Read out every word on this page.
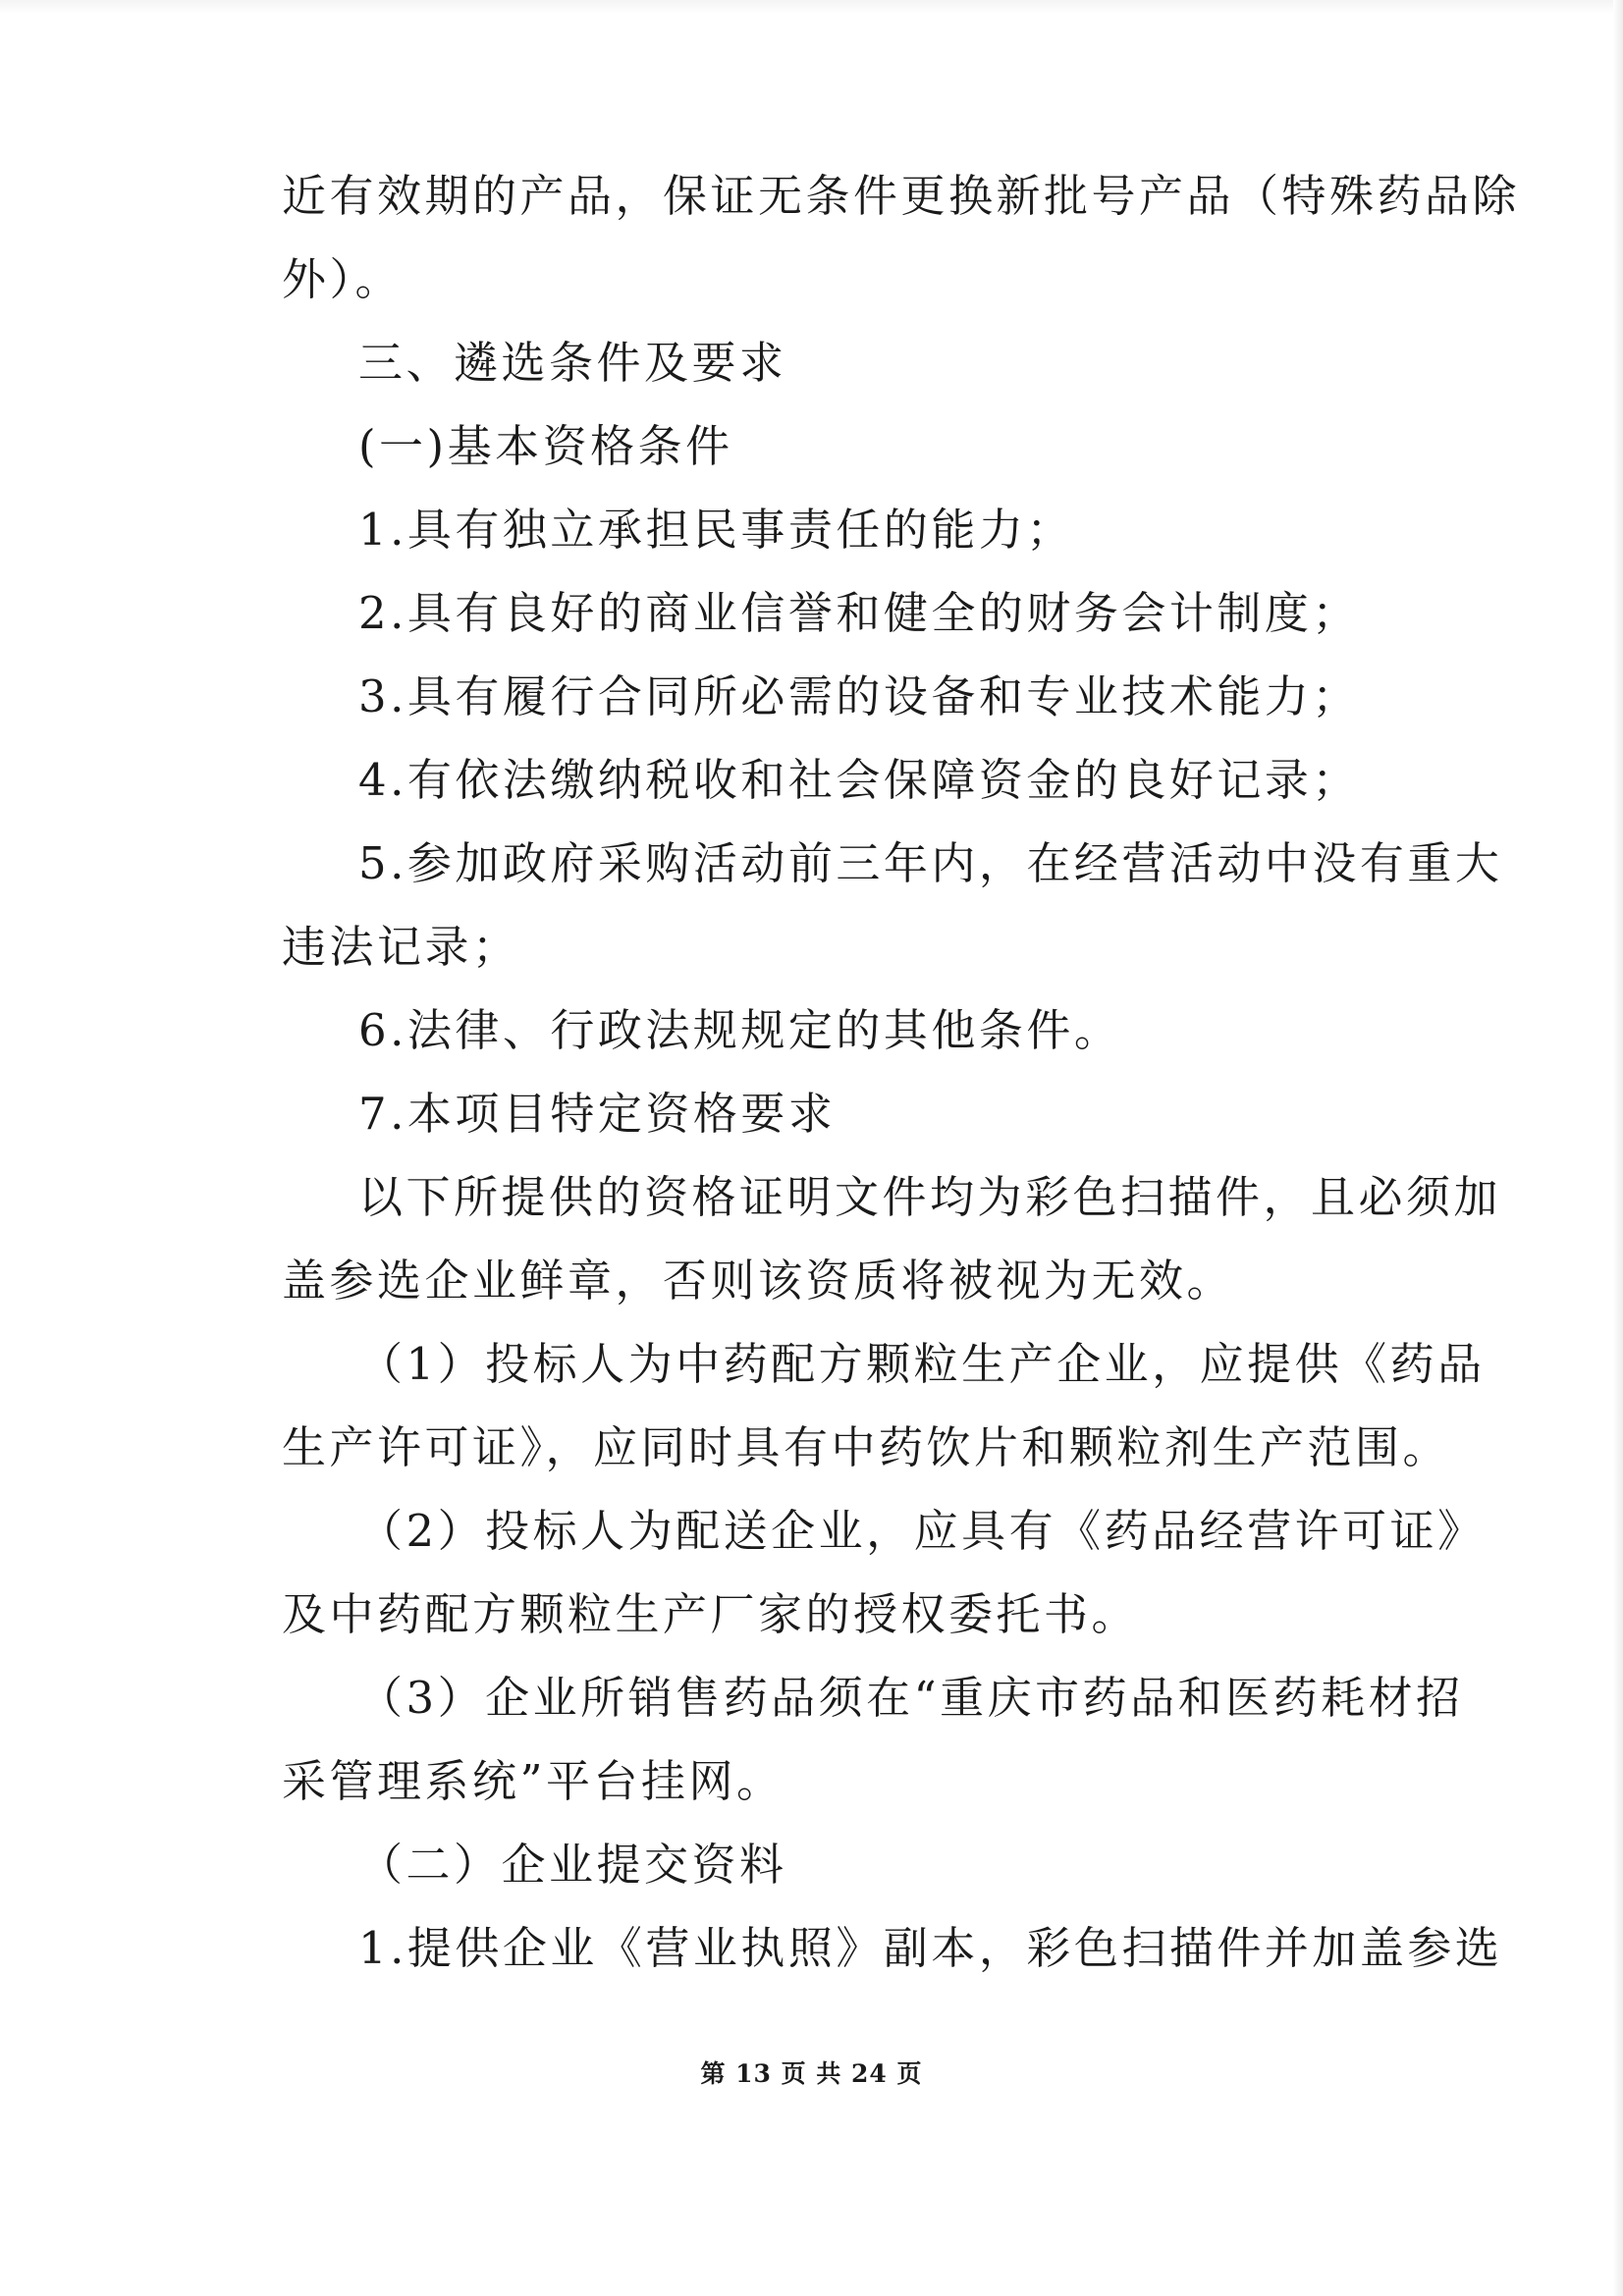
近有效期的产品，保证无条件更换新批号产品（特殊药品除
外）。
三、遴选条件及要求
(一)基本资格条件
1.具有独立承担民事责任的能力；
2.具有良好的商业信誉和健全的财务会计制度；
3.具有履行合同所必需的设备和专业技术能力；
4.有依法缴纳税收和社会保障资金的良好记录；
5.参加政府采购活动前三年内，在经营活动中没有重大
违法记录；
6.法律、行政法规规定的其他条件。
7.本项目特定资格要求
以下所提供的资格证明文件均为彩色扫描件，且必须加
盖参选企业鲜章，否则该资质将被视为无效。
（1）投标人为中药配方颗粒生产企业，应提供《药品
生产许可证》，应同时具有中药饮片和颗粒剂生产范围。
（2）投标人为配送企业，应具有《药品经营许可证》
及中药配方颗粒生产厂家的授权委托书。
（3）企业所销售药品须在“重庆市药品和医药耗材招
采管理系统”平台挂网。
（二）企业提交资料
1.提供企业《营业执照》副本，彩色扫描件并加盖参选
第 13 页 共 24 页
